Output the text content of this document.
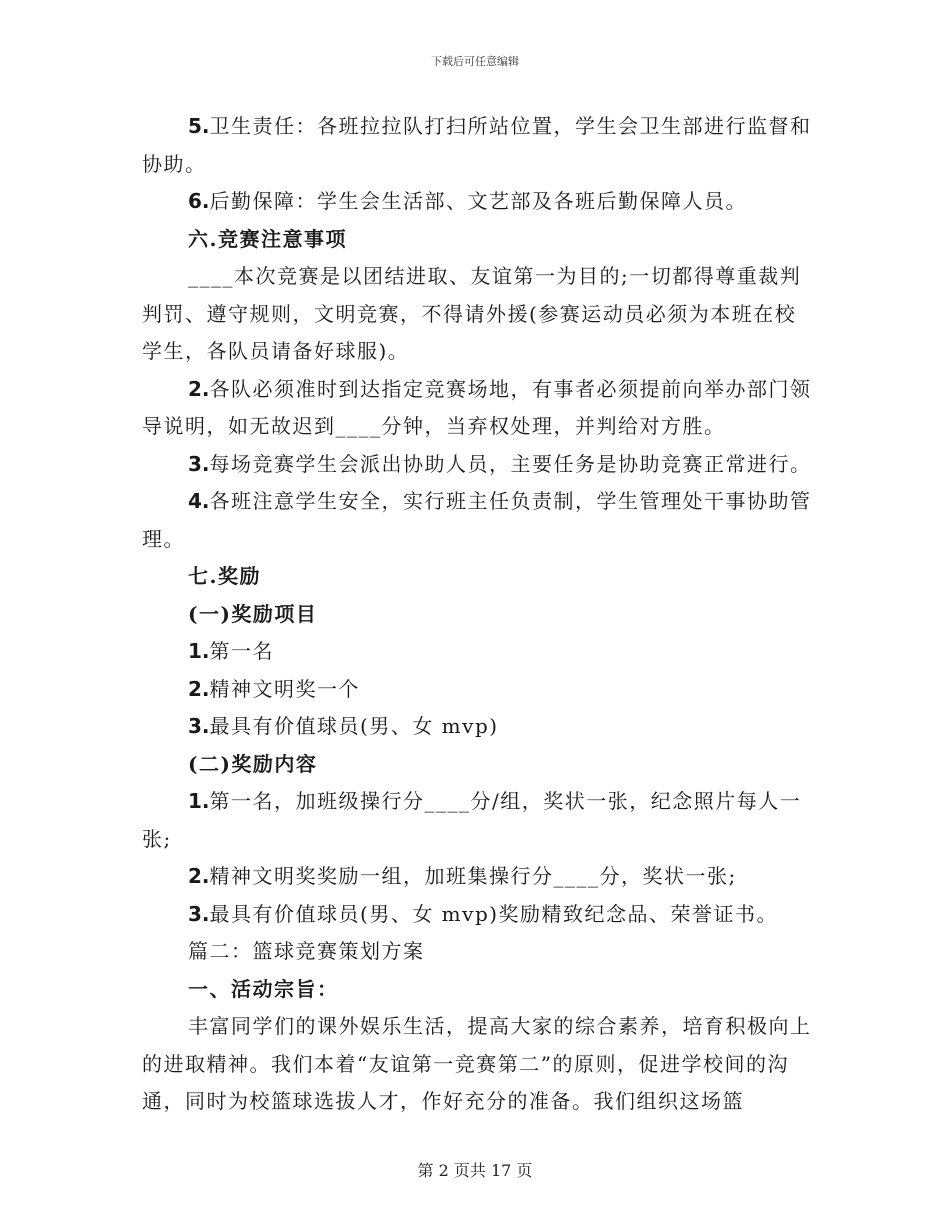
下载后可任意编辑

5.卫生责任：各班拉拉队打扫所站位置，学生会卫生部进行监督和协助。

6.后勤保障：学生会生活部、文艺部及各班后勤保障人员。

六.竞赛注意事项

____本次竞赛是以团结进取、友谊第一为目的;一切都得尊重裁判判罚、遵守规则，文明竞赛，不得请外援(参赛运动员必须为本班在校学生，各队员请备好球服)。

2.各队必须准时到达指定竞赛场地，有事者必须提前向举办部门领导说明，如无故迟到____分钟，当弃权处理，并判给对方胜。

3.每场竞赛学生会派出协助人员，主要任务是协助竞赛正常进行。

4.各班注意学生安全，实行班主任负责制，学生管理处干事协助管理。

七.奖励

(一)奖励项目

1.第一名

2.精神文明奖一个

3.最具有价值球员(男、女 mvp)

(二)奖励内容

1.第一名，加班级操行分____分/组，奖状一张，纪念照片每人一张;

2.精神文明奖奖励一组，加班集操行分____分，奖状一张;

3.最具有价值球员(男、女 mvp)奖励精致纪念品、荣誉证书。

篇二：篮球竞赛策划方案

一、活动宗旨：

丰富同学们的课外娱乐生活，提高大家的综合素养，培育积极向上的进取精神。我们本着“友谊第一竞赛第二”的原则，促进学校间的沟通，同时为校篮球选拔人才，作好充分的准备。我们组织这场篮

第 2 页共 17 页
